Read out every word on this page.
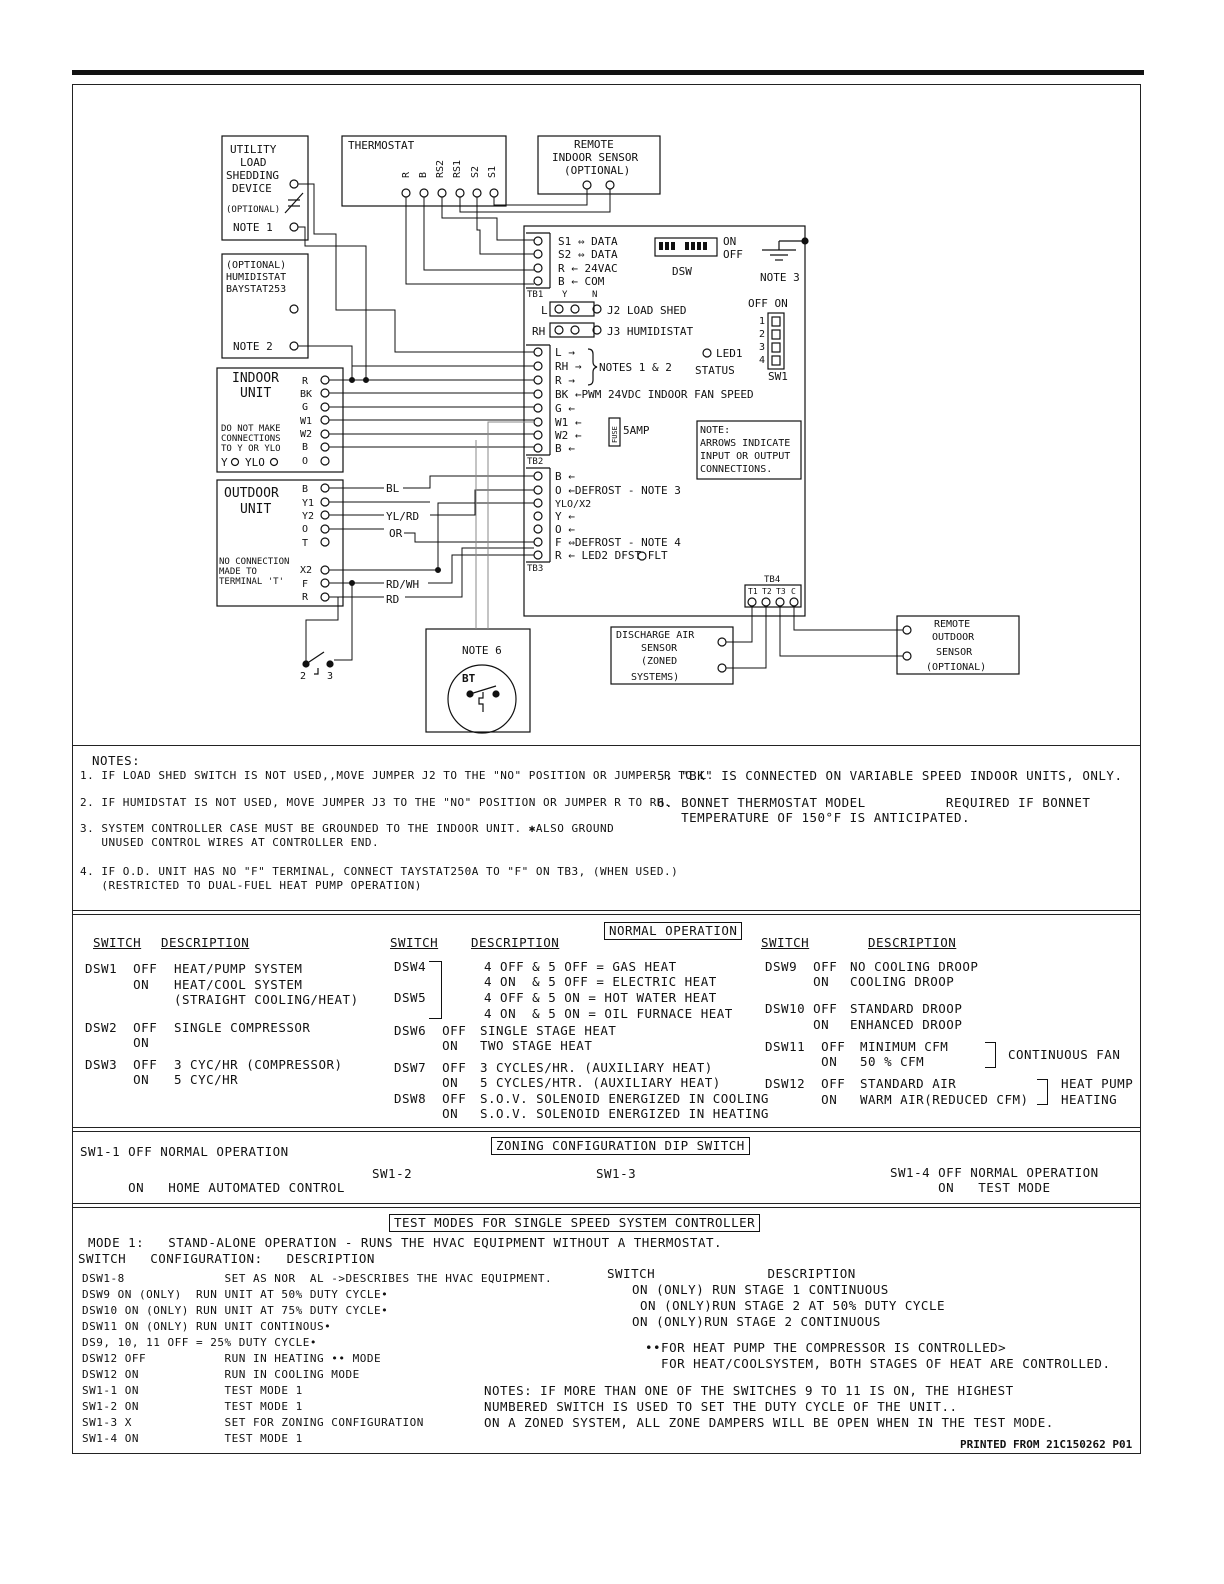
UTILITY
LOAD
SHEDDING
DEVICE
(OPTIONAL)
NOTE 1
THERMOSTAT
R B RS2 RS1 S2 S1
REMOTE
INDOOR SENSOR
(OPTIONAL)
(OPTIONAL)
HUMIDISTAT
BAYSTAT253
NOTE 2
INDOOR
UNIT
DO NOT MAKE
CONNECTIONS
TO Y OR YLO
Y YLO
R
BK
G
W1
W2
B
O
OUTDOOR
UNIT
NO CONNECTION
MADE TO
TERMINAL 'T'
B
Y1
Y2
O
T
X2
F
R
S1 ⇔ DATA
S2 ⇔ DATA
R ← 24VAC
B ← COM
TB1 Y	N
ON
OFF
DSW	NOTE 3
L	J2 LOAD SHED
RH	J3 HUMIDISTAT
OFF ON
1
2
3
4
SW1
LED1
STATUS
L →
RH →
R →
BK ←PWM 24VDC INDOOR FAN SPEED
G ←
W1 ←
W2 ←
B ←
NOTES 1 & 2
TB2
FUSE 5AMP	NOTE:
ARROWS INDICATE
INPUT OR OUTPUT
CONNECTIONS.
B ←
O ←DEFROST - NOTE 3
YLO/X2
Y ←
O ←
F ⇔DEFROST - NOTE 4
R ← LED2 DFST FLT
TB3
TB4
T1 T2 T3 C
DISCHARGE AIR
SENSOR
(ZONED
SYSTEMS)
REMOTE
OUTDOOR
SENSOR
(OPTIONAL)
NOTE 6
BT
2 3
BL
YL/RD
OR
RD/WH
RD
NOTES:
1. IF LOAD SHED SWITCH IS NOT USED,,MOVE JUMPER J2 TO THE "NO" POSITION OR JUMPER R TO L.
2. IF HUMIDSTAT IS NOT USED, MOVE JUMPER J3 TO THE "NO" POSITION OR JUMPER R TO RH.
3. SYSTEM CONTROLLER CASE MUST BE GROUNDED TO THE INDOOR UNIT. ✱ALSO GROUND
UNUSED CONTROL WIRES AT CONTROLLER END.
4. IF O.D. UNIT HAS NO "F" TERMINAL, CONNECT TAYSTAT250A TO "F" ON TB3, (WHEN USED.)
(RESTRICTED TO DUAL-FUEL HEAT PUMP OPERATION)
5. "BK" IS CONNECTED ON VARIABLE SPEED INDOOR UNITS, ONLY.
6. BONNET THERMOSTAT MODEL          REQUIRED IF BONNET
TEMPERATURE OF 150°F IS ANTICIPATED.
NORMAL OPERATION
SWITCH DESCRIPTION	SWITCH	DESCRIPTION	SWITCH	DESCRIPTION
DSW1  OFF HEAT/PUMP SYSTEM
ON HEAT/COOL SYSTEM
(STRAIGHT COOLING/HEAT)
DSW2  OFF SINGLE COMPRESSOR
ON
DSW3  OFF 3 CYC/HR (COMPRESSOR)
ON 5 CYC/HR
DSW4	4 OFF & 5 OFF = GAS HEAT
4 ON  & 5 OFF = ELECTRIC HEAT
DSW5	4 OFF & 5 ON = HOT WATER HEAT
4 ON  & 5 ON = OIL FURNACE HEAT
DSW6  OFF SINGLE STAGE HEAT
ON TWO STAGE HEAT
DSW7  OFF 3 CYCLES/HR. (AUXILIARY HEAT)
ON 5 CYCLES/HTR. (AUXILIARY HEAT)
DSW8  OFF S.O.V. SOLENOID ENERGIZED IN COOLING
ON S.O.V. SOLENOID ENERGIZED IN HEATING
DSW9  OFF NO COOLING DROOP
ON COOLING DROOP
DSW10 OFF STANDARD DROOP
ON ENHANCED DROOP
DSW11  OFF MINIMUM CFM
ON 50 % CFM
DSW12  OFF STANDARD AIR
ON WARM AIR(REDUCED CFM)
CONTINUOUS FAN
HEAT PUMP
HEATING
ZONING CONFIGURATION DIP SWITCH
SW1-1 OFF NORMAL OPERATION
ON   HOME AUTOMATED CONTROL
SW1-2	SW1-3	SW1-4 OFF NORMAL OPERATION
ON   TEST MODE
TEST MODES FOR SINGLE SPEED SYSTEM CONTROLLER
MODE 1:   STAND-ALONE OPERATION - RUNS THE HVAC EQUIPMENT WITHOUT A THERMOSTAT.
SWITCH   CONFIGURATION:   DESCRIPTION
DSW1-8              SET AS NOR  AL ->DESCRIBES THE HVAC EQUIPMENT.
DSW9 ON (ONLY)  RUN UNIT AT 50% DUTY CYCLE•
DSW10 ON (ONLY) RUN UNIT AT 75% DUTY CYCLE•
DSW11 ON (ONLY) RUN UNIT CONTINOUS•
DS9, 10, 11 OFF = 25% DUTY CYCLE•
DSW12 OFF           RUN IN HEATING •• MODE
DSW12 ON            RUN IN COOLING MODE
SW1-1 ON            TEST MODE 1
SW1-2 ON            TEST MODE 1
SW1-3 X             SET FOR ZONING CONFIGURATION
SW1-4 ON            TEST MODE 1
SWITCH              DESCRIPTION
ON (ONLY) RUN STAGE 1 CONTINUOUS
ON (ONLY)RUN STAGE 2 AT 50% DUTY CYCLE
ON (ONLY)RUN STAGE 2 CONTINUOUS
••FOR HEAT PUMP THE COMPRESSOR IS CONTROLLED>
FOR HEAT/COOLSYSTEM, BOTH STAGES OF HEAT ARE CONTROLLED.
NOTES: IF MORE THAN ONE OF THE SWITCHES 9 TO 11 IS ON, THE HIGHEST
NUMBERED SWITCH IS USED TO SET THE DUTY CYCLE OF THE UNIT..
ON A ZONED SYSTEM, ALL ZONE DAMPERS WILL BE OPEN WHEN IN THE TEST MODE.
PRINTED FROM 21C150262 P01
